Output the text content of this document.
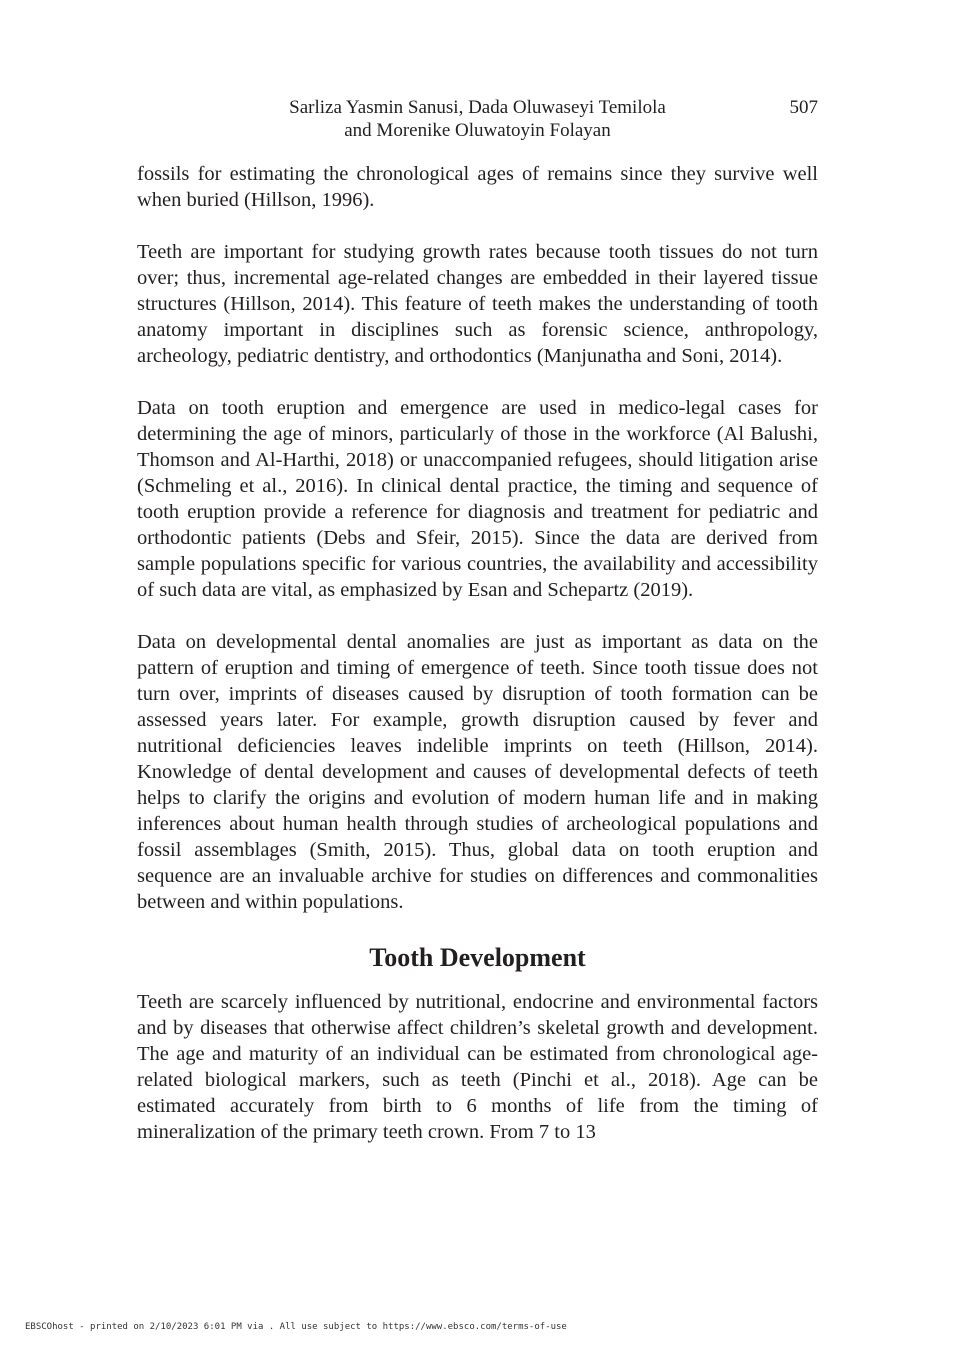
Sarliza Yasmin Sanusi, Dada Oluwaseyi Temilola
and Morenike Oluwatoyin Folayan
507

fossils for estimating the chronological ages of remains since they survive well when buried (Hillson, 1996).

Teeth are important for studying growth rates because tooth tissues do not turn over; thus, incremental age-related changes are embedded in their layered tissue structures (Hillson, 2014). This feature of teeth makes the understanding of tooth anatomy important in disciplines such as forensic science, anthropology, archeology, pediatric dentistry, and orthodontics (Manjunatha and Soni, 2014).

Data on tooth eruption and emergence are used in medico-legal cases for determining the age of minors, particularly of those in the workforce (Al Balushi, Thomson and Al-Harthi, 2018) or unaccompanied refugees, should litigation arise (Schmeling et al., 2016). In clinical dental practice, the timing and sequence of tooth eruption provide a reference for diagnosis and treatment for pediatric and orthodontic patients (Debs and Sfeir, 2015). Since the data are derived from sample populations specific for various countries, the availability and accessibility of such data are vital, as emphasized by Esan and Schepartz (2019).

Data on developmental dental anomalies are just as important as data on the pattern of eruption and timing of emergence of teeth. Since tooth tissue does not turn over, imprints of diseases caused by disruption of tooth formation can be assessed years later. For example, growth disruption caused by fever and nutritional deficiencies leaves indelible imprints on teeth (Hillson, 2014). Knowledge of dental development and causes of developmental defects of teeth helps to clarify the origins and evolution of modern human life and in making inferences about human health through studies of archeological populations and fossil assemblages (Smith, 2015). Thus, global data on tooth eruption and sequence are an invaluable archive for studies on differences and commonalities between and within populations.

Tooth Development

Teeth are scarcely influenced by nutritional, endocrine and environmental factors and by diseases that otherwise affect children’s skeletal growth and development. The age and maturity of an individual can be estimated from chronological age-related biological markers, such as teeth (Pinchi et al., 2018). Age can be estimated accurately from birth to 6 months of life from the timing of mineralization of the primary teeth crown. From 7 to 13

EBSCOhost - printed on 2/10/2023 6:01 PM via . All use subject to https://www.ebsco.com/terms-of-use
